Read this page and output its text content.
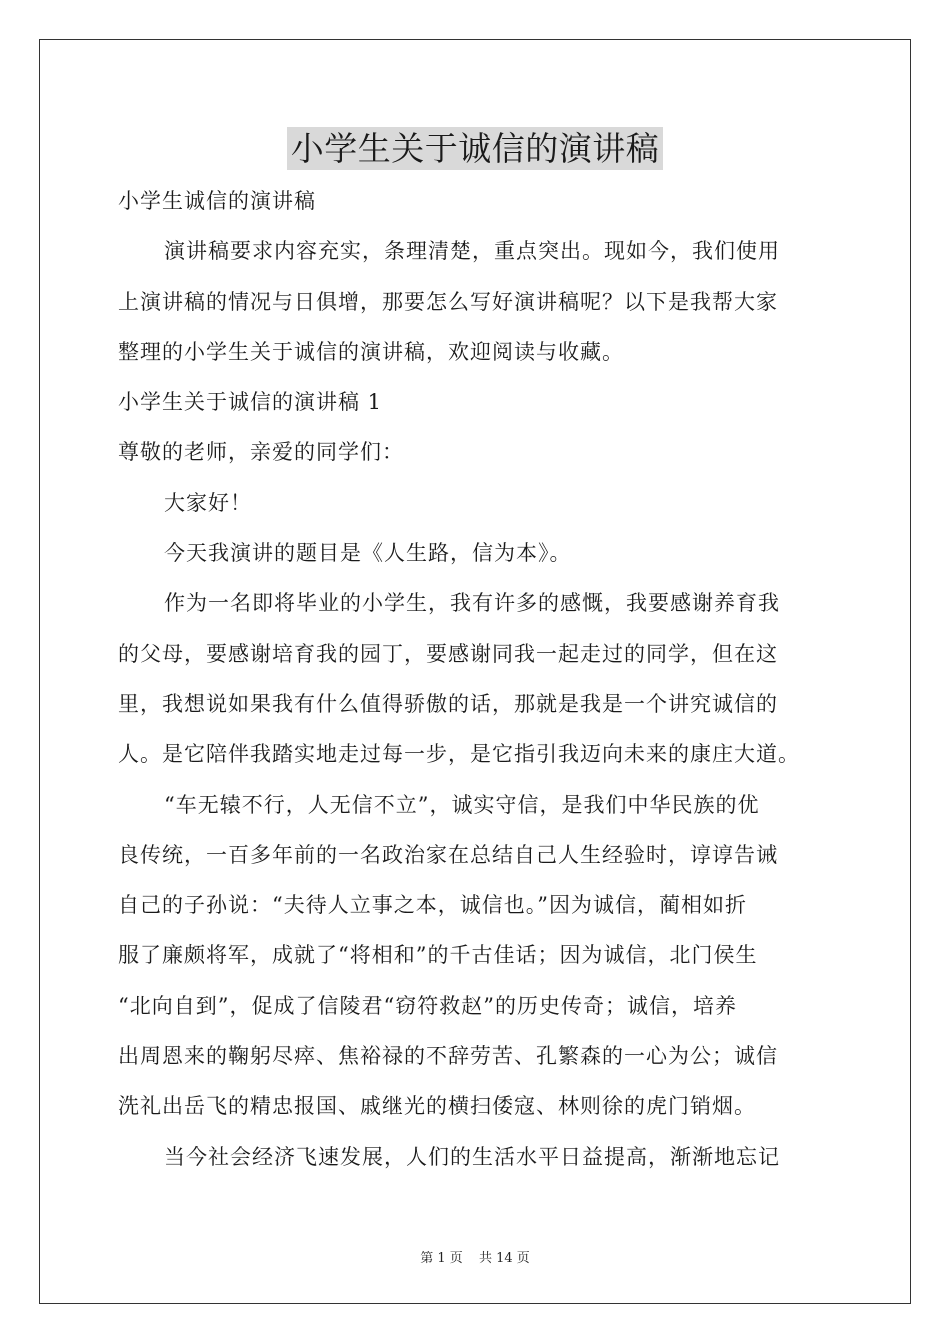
小学生关于诚信的演讲稿

小学生诚信的演讲稿

演讲稿要求内容充实，条理清楚，重点突出。现如今，我们使用

上演讲稿的情况与日俱增，那要怎么写好演讲稿呢？以下是我帮大家

整理的小学生关于诚信的演讲稿，欢迎阅读与收藏。

小学生关于诚信的演讲稿 1

尊敬的老师，亲爱的同学们：

大家好！

今天我演讲的题目是《人生路，信为本》。

作为一名即将毕业的小学生，我有许多的感慨，我要感谢养育我

的父母，要感谢培育我的园丁，要感谢同我一起走过的同学，但在这

里，我想说如果我有什么值得骄傲的话，那就是我是一个讲究诚信的

人。是它陪伴我踏实地走过每一步，是它指引我迈向未来的康庄大道。

“车无辕不行，人无信不立”，诚实守信，是我们中华民族的优

良传统，一百多年前的一名政治家在总结自己人生经验时，谆谆告诫

自己的子孙说：“夫待人立事之本，诚信也。”因为诚信，蔺相如折

服了廉颇将军，成就了“将相和”的千古佳话；因为诚信，北门侯生

“北向自到”，促成了信陵君“窃符救赵”的历史传奇；诚信，培养

出周恩来的鞠躬尽瘁、焦裕禄的不辞劳苦、孔繁森的一心为公；诚信

洗礼出岳飞的精忠报国、戚继光的横扫倭寇、林则徐的虎门销烟。

当今社会经济飞速发展，人们的生活水平日益提高，渐渐地忘记

第 1 页 共 14 页
